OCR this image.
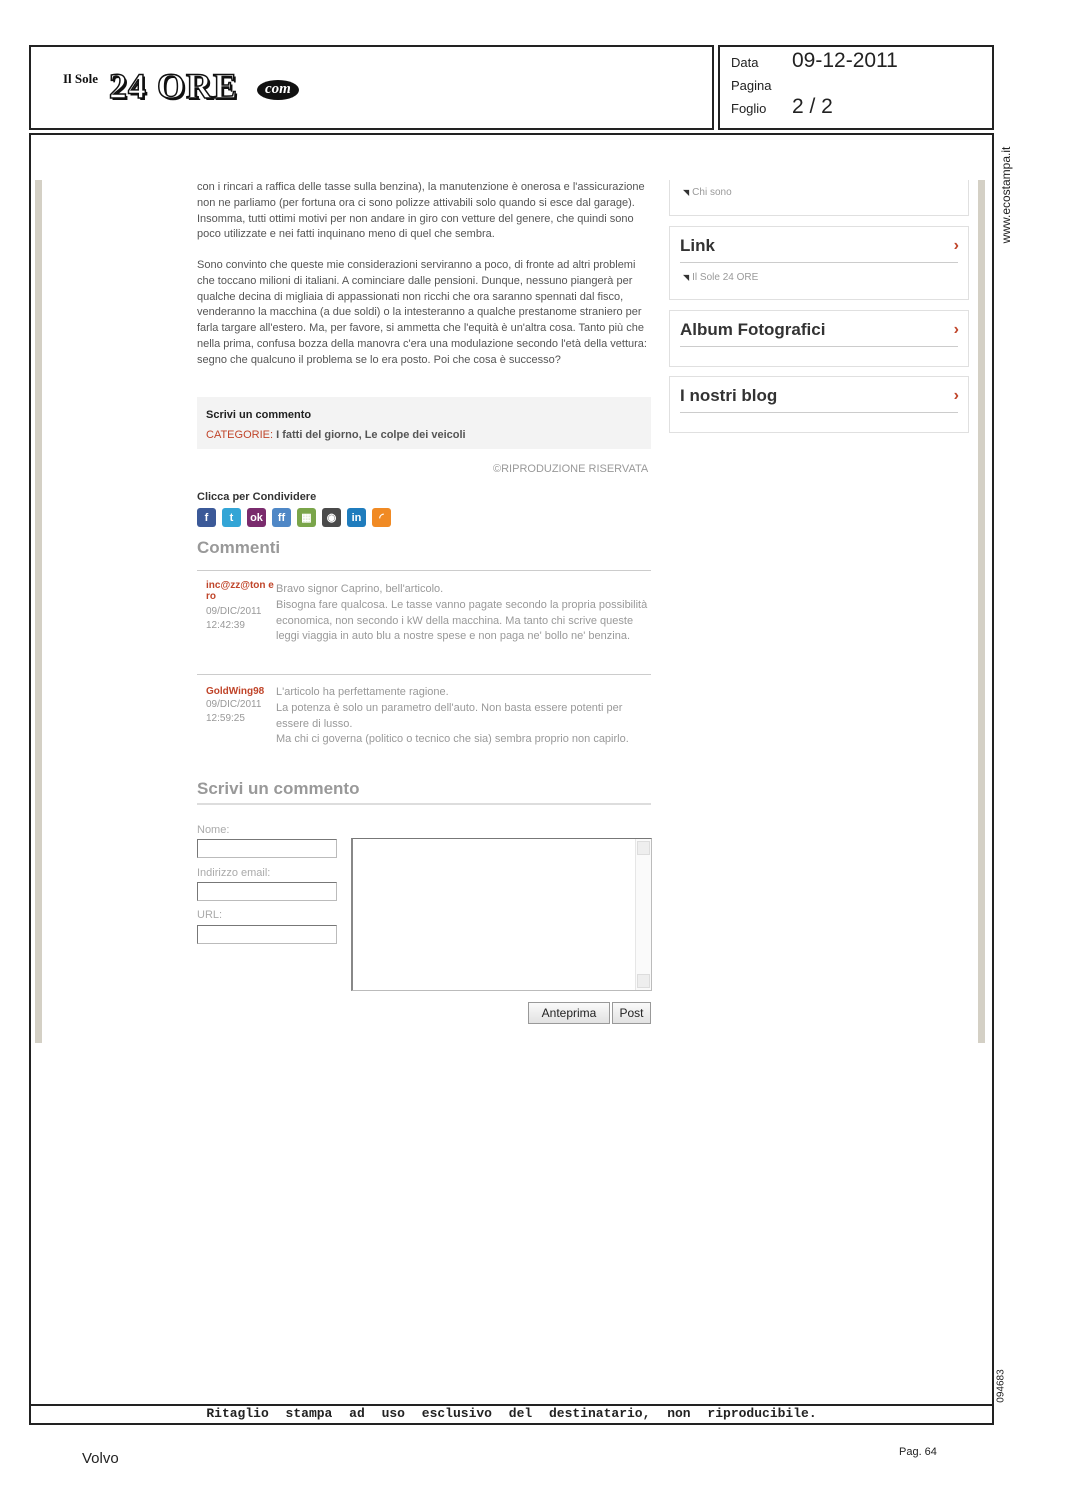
Il Sole 24 ORE	com
Data 09-12-2011
Pagina
Foglio 2 / 2

con i rincari a raffica delle tasse sulla benzina), la manutenzione è onerosa e l'assicurazione non ne parliamo (per fortuna ora ci sono polizze attivabili solo quando si esce dal garage). Insomma, tutti ottimi motivi per non andare in giro con vetture del genere, che quindi sono poco utilizzate e nei fatti inquinano meno di quel che sembra.

Sono convinto che queste mie considerazioni serviranno a poco, di fronte ad altri problemi che toccano milioni di italiani. A cominciare dalle pensioni. Dunque, nessuno piangerà per qualche decina di migliaia di appassionati non ricchi che ora saranno spennati dal fisco, venderanno la macchina (a due soldi) o la intesteranno a qualche prestanome straniero per farla targare all'estero. Ma, per favore, si ammetta che l'equità è un'altra cosa. Tanto più che nella prima, confusa bozza della manovra c'era una modulazione secondo l'età della vettura: segno che qualcuno il problema se lo era posto. Poi che cosa è successo?

Scrivi un commento
CATEGORIE: I fatti del giorno, Le colpe dei veicoli
©RIPRODUZIONE RISERVATA
Clicca per Condividere
f	t	ok	ff	▦	◉	in	◜
Commenti
inc@zz@ton ero
09/DIC/2011
12:42:39

Bravo signor Caprino, bell'articolo.
Bisogna fare qualcosa. Le tasse vanno pagate secondo la propria possibilità economica, non secondo i kW della macchina. Ma tanto chi scrive queste leggi viaggia in auto blu a nostre spese e non paga ne' bollo ne' benzina.

GoldWing98
09/DIC/2011
12:59:25

L'articolo ha perfettamente ragione.
La potenza è solo un parametro dell'auto. Non basta essere potenti per essere di lusso.
Ma chi ci governa (politico o tecnico che sia) sembra proprio non capirlo.

Scrivi un commento
Nome:
Indirizzo email:
URL:
Anteprima	Post
◥ Chi sono
Link	›
◥ Il Sole 24 ORE
Album Fotografici	›
I nostri blog	›
Ritaglio stampa ad uso esclusivo del destinatario, non riproducibile.
www.ecostampa.it
094683
Volvo	Pag. 64
